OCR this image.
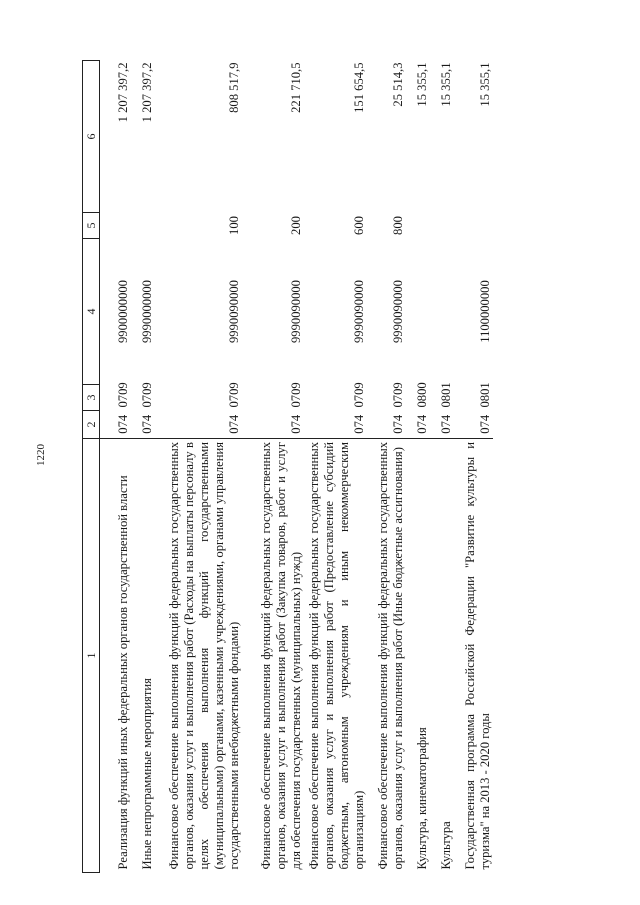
1220
1	2	3	4	5	6
Реализация функций иных федеральных органов государственной власти	074	0709	9900000000		1 207 397,2
Иные непрограммные мероприятия	074	0709	9990000000		1 207 397,2
Финансовое обеспечение выполнения функций федеральных государственных органов, оказания услуг и выполнения работ (Расходы на выплаты персоналу в целях обеспечения выполнения функций государственными (муниципальными) органами, казенными учреждениями, органами управления государственными внебюджетными фондами)	074	0709	9990090000	100	808 517,9
Финансовое обеспечение выполнения функций федеральных государственных органов, оказания услуг и выполнения работ (Закупка товаров, работ и услуг для обеспечения государственных (муниципальных) нужд)	074	0709	9990090000	200	221 710,5
Финансовое обеспечение выполнения функций федеральных государственных органов, оказания услуг и выполнения работ (Предоставление субсидий бюджетным, автономным учреждениям и иным некоммерческим организациям)	074	0709	9990090000	600	151 654,5
Финансовое обеспечение выполнения функций федеральных государственных органов, оказания услуг и выполнения работ (Иные бюджетные ассигнования)	074	0709	9990090000	800	25 514,3
Культура, кинематография	074	0800			15 355,1
Культура	074	0801			15 355,1
Государственная программа Российской Федерации "Развитие культуры и туризма" на 2013 - 2020 годы	074	0801	1100000000		15 355,1
